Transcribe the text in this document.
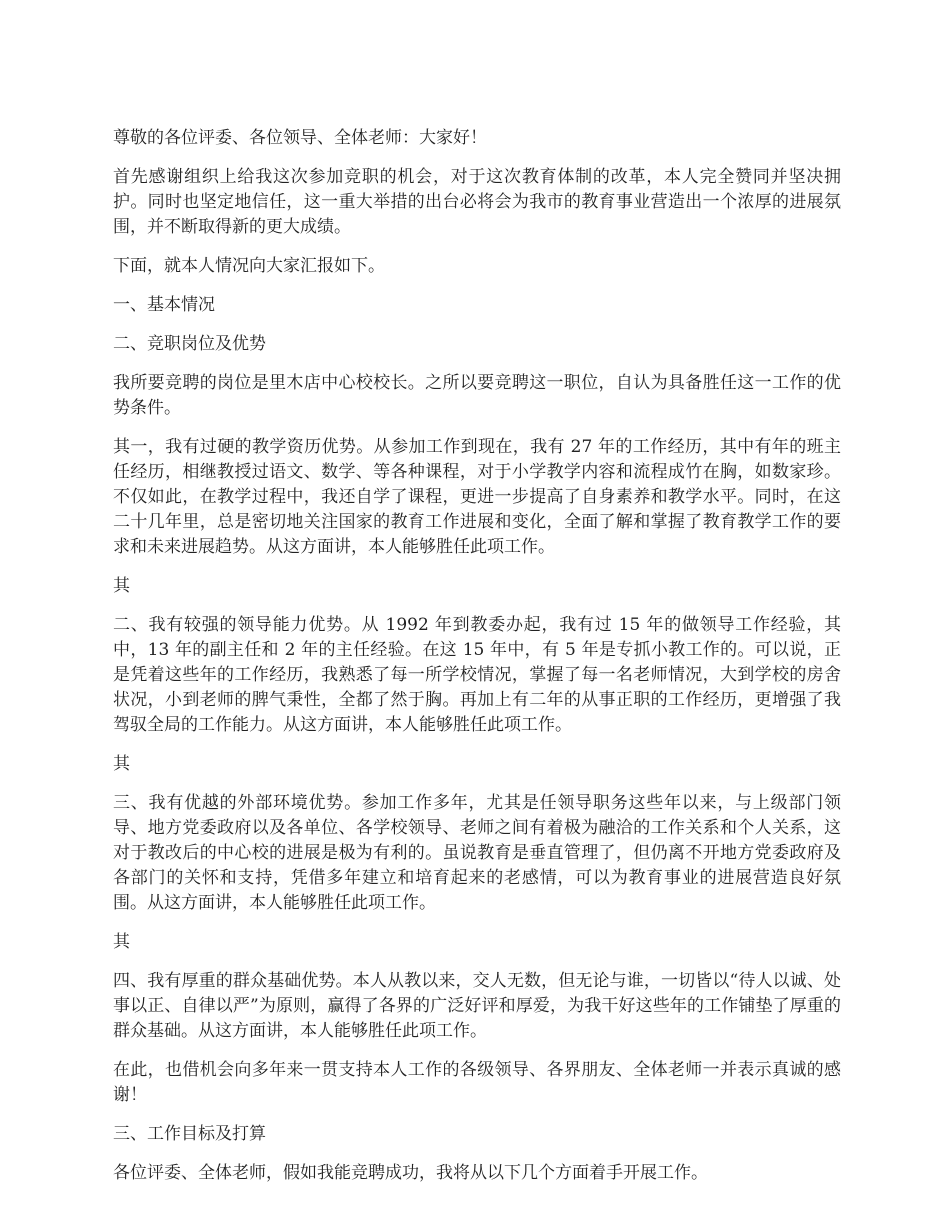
尊敬的各位评委、各位领导、全体老师：大家好！

首先感谢组织上给我这次参加竞职的机会，对于这次教育体制的改革，本人完全赞同并坚决拥护。同时也坚定地信任，这一重大举措的出台必将会为我市的教育事业营造出一个浓厚的进展氛围，并不断取得新的更大成绩。

下面，就本人情况向大家汇报如下。

一、基本情况

二、竞职岗位及优势

我所要竞聘的岗位是里木店中心校校长。之所以要竞聘这一职位，自认为具备胜任这一工作的优势条件。

其一，我有过硬的教学资历优势。从参加工作到现在，我有 27 年的工作经历，其中有年的班主任经历，相继教授过语文、数学、等各种课程，对于小学教学内容和流程成竹在胸，如数家珍。不仅如此，在教学过程中，我还自学了课程，更进一步提高了自身素养和教学水平。同时，在这二十几年里，总是密切地关注国家的教育工作进展和变化，全面了解和掌握了教育教学工作的要求和未来进展趋势。从这方面讲，本人能够胜任此项工作。

其

二、我有较强的领导能力优势。从 1992 年到教委办起，我有过 15 年的做领导工作经验，其中，13 年的副主任和 2 年的主任经验。在这 15 年中，有 5 年是专抓小教工作的。可以说，正是凭着这些年的工作经历，我熟悉了每一所学校情况，掌握了每一名老师情况，大到学校的房舍状况，小到老师的脾气秉性，全都了然于胸。再加上有二年的从事正职的工作经历，更增强了我驾驭全局的工作能力。从这方面讲，本人能够胜任此项工作。

其

三、我有优越的外部环境优势。参加工作多年，尤其是任领导职务这些年以来，与上级部门领导、地方党委政府以及各单位、各学校领导、老师之间有着极为融洽的工作关系和个人关系，这对于教改后的中心校的进展是极为有利的。虽说教育是垂直管理了，但仍离不开地方党委政府及各部门的关怀和支持，凭借多年建立和培育起来的老感情，可以为教育事业的进展营造良好氛围。从这方面讲，本人能够胜任此项工作。

其

四、我有厚重的群众基础优势。本人从教以来，交人无数，但无论与谁，一切皆以“待人以诚、处事以正、自律以严”为原则，赢得了各界的广泛好评和厚爱，为我干好这些年的工作铺垫了厚重的群众基础。从这方面讲，本人能够胜任此项工作。

在此，也借机会向多年来一贯支持本人工作的各级领导、各界朋友、全体老师一并表示真诚的感谢！

三、工作目标及打算

各位评委、全体老师，假如我能竞聘成功，我将从以下几个方面着手开展工作。
